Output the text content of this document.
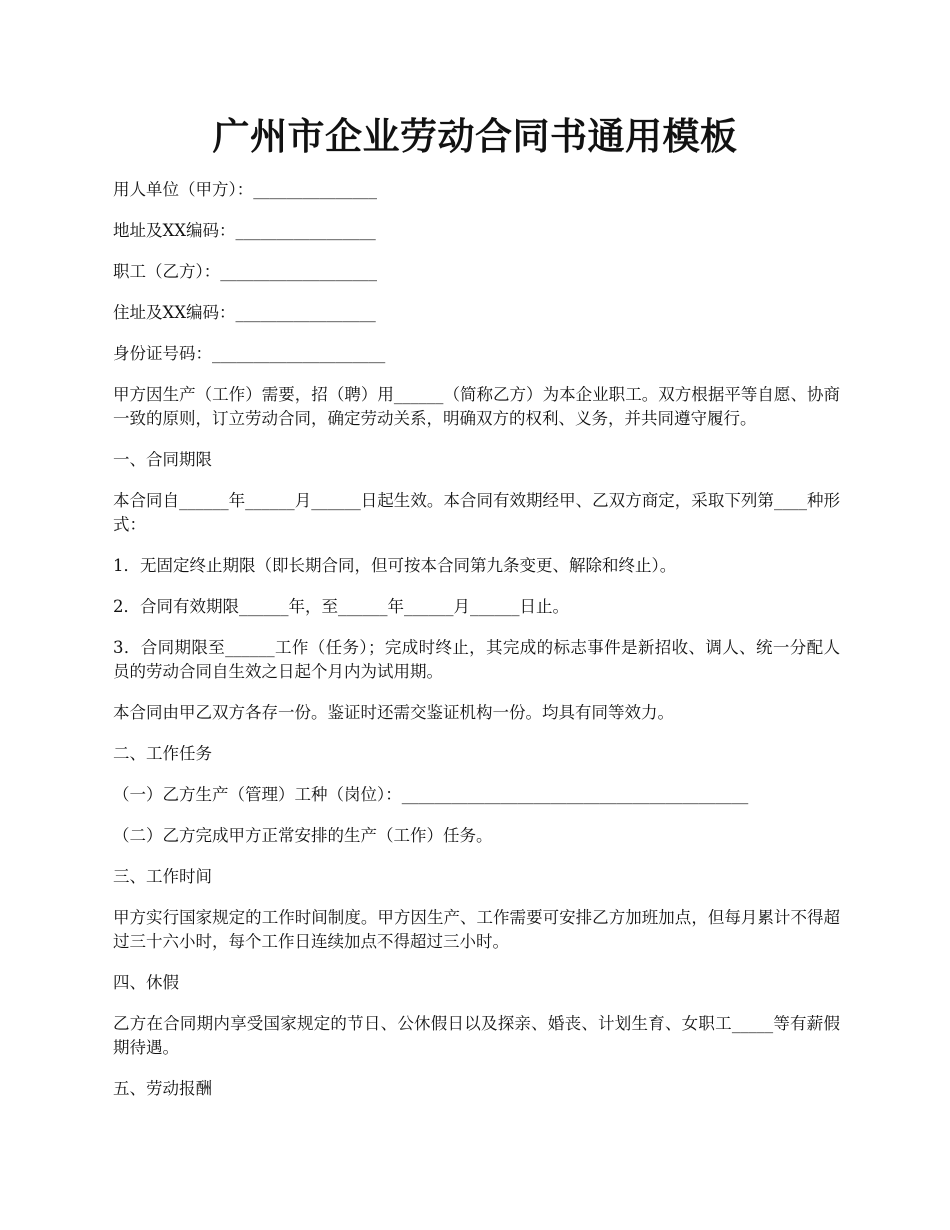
广州市企业劳动合同书通用模板

用人单位（甲方）：_______________

地址及XX编码：_________________

职工（乙方）：___________________

住址及XX编码：_________________

身份证号码：_____________________

甲方因生产（工作）需要，招（聘）用______（简称乙方）为本企业职工。双方根据平等自愿、协商一致的原则，订立劳动合同，确定劳动关系，明确双方的权利、义务，并共同遵守履行。

一、合同期限

本合同自______年______月______日起生效。本合同有效期经甲、乙双方商定，采取下列第____种形式：

1．无固定终止期限（即长期合同，但可按本合同第九条变更、解除和终止）。

2．合同有效期限______年，至______年______月______日止。

3．合同期限至______工作（任务）；完成时终止，其完成的标志事件是新招收、调人、统一分配人员的劳动合同自生效之日起个月内为试用期。

本合同由甲乙双方各存一份。鉴证时还需交鉴证机构一份。均具有同等效力。

二、工作任务

（一）乙方生产（管理）工种（岗位）：__________________________________________

（二）乙方完成甲方正常安排的生产（工作）任务。

三、工作时间

甲方实行国家规定的工作时间制度。甲方因生产、工作需要可安排乙方加班加点，但每月累计不得超过三十六小时，每个工作日连续加点不得超过三小时。

四、休假

乙方在合同期内享受国家规定的节日、公休假日以及探亲、婚丧、计划生育、女职工_____等有薪假期待遇。

五、劳动报酬
